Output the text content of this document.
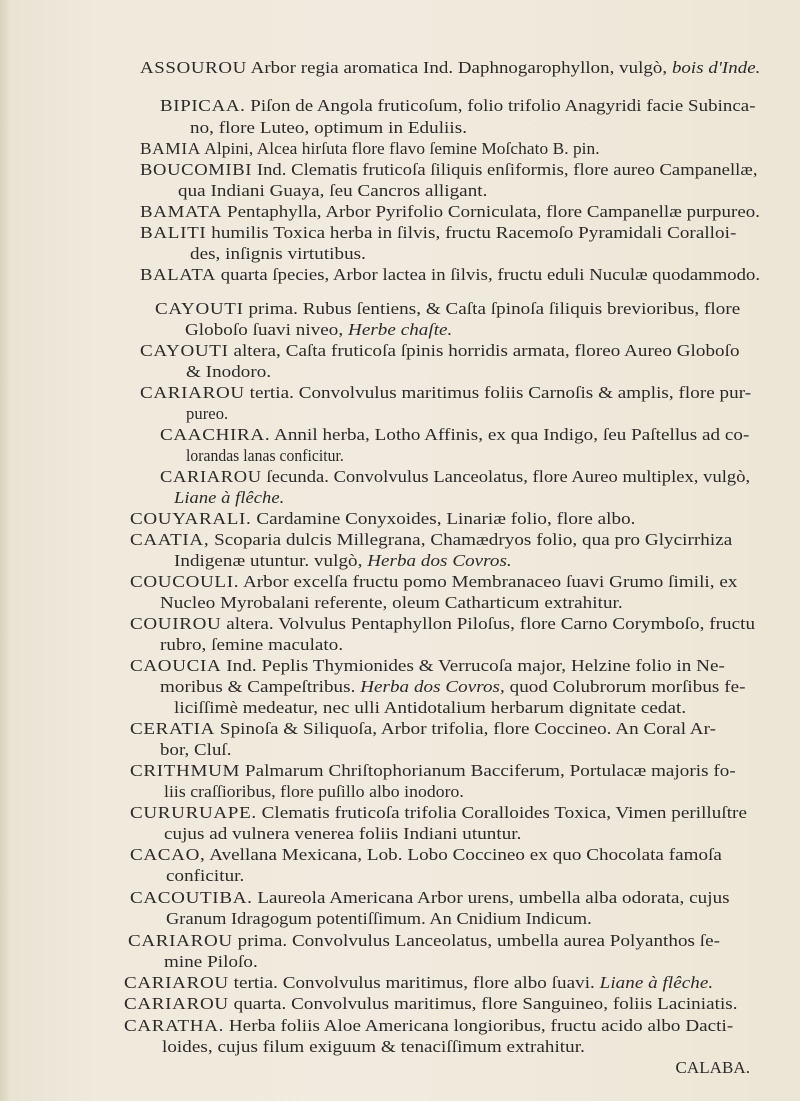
ASSOUROU Arbor regia aromatica Ind. Daphnogarophyllon, vulgò, bois d'Inde.
BIPICAA. Piſon de Angola fruticoſum, folio trifolio Anagyridi facie Subinca-
no, flore Luteo, optimum in Eduliis.
BAMIA Alpini, Alcea hirſuta flore flavo ſemine Moſchato B. pin.
BOUCOMIBI Ind. Clematis fruticoſa ſiliquis enſiformis, flore aureo Campanellæ,
qua Indiani Guaya, ſeu Cancros alligant.
BAMATA Pentaphylla, Arbor Pyrifolio Corniculata, flore Campanellæ purpureo.
BALITI humilis Toxica herba in ſilvis, fructu Racemoſo Pyramidali Coralloi-
des, inſignis virtutibus.
BALATA quarta ſpecies, Arbor lactea in ſilvis, fructu eduli Nuculæ quodammodo.
CAYOUTI prima. Rubus ſentiens, & Caſta ſpinoſa ſiliquis brevioribus, flore
Globoſo ſuavi niveo, Herbe chaſte.
CAYOUTI altera, Caſta fruticoſa ſpinis horridis armata, floreo Aureo Globoſo
& Inodoro.
CARIAROU tertia. Convolvulus maritimus foliis Carnoſis & amplis, flore pur-
pureo.
CAACHIRA. Annil herba, Lotho Affinis, ex qua Indigo, ſeu Paſtellus ad co-
lorandas lanas conficitur.
CARIAROU ſecunda. Convolvulus Lanceolatus, flore Aureo multiplex, vulgò,
Liane à flêche.
COUYARALI. Cardamine Conyxoides, Linariæ folio, flore albo.
CAATIA, Scoparia dulcis Millegrana, Chamædryos folio, qua pro Glycirrhiza
Indigenæ utuntur. vulgò, Herba dos Covros.
COUCOULI. Arbor excelſa fructu pomo Membranaceo ſuavi Grumo ſimili, ex
Nucleo Myrobalani referente, oleum Catharticum extrahitur.
COUIROU altera. Volvulus Pentaphyllon Piloſus, flore Carno Corymboſo, fructu
rubro, ſemine maculato.
CAOUCIA Ind. Peplis Thymionides & Verrucoſa major, Helzine folio in Ne-
moribus & Campeſtribus. Herba dos Covros, quod Colubrorum morſibus fe-
liciſſimè medeatur, nec ulli Antidotalium herbarum dignitate cedat.
CERATIA Spinoſa & Siliquoſa, Arbor trifolia, flore Coccineo. An Coral Ar-
bor, Cluſ.
CRITHMUM Palmarum Chriſtophorianum Bacciferum, Portulacæ majoris fo-
liis craſſioribus, flore puſillo albo inodoro.
CURURUAPE. Clematis fruticoſa trifolia Coralloides Toxica, Vimen perilluſtre
cujus ad vulnera venerea foliis Indiani utuntur.
CACAO, Avellana Mexicana, Lob. Lobo Coccineo ex quo Chocolata famoſa
conficitur.
CACOUTIBA. Laureola Americana Arbor urens, umbella alba odorata, cujus
Granum Idragogum potentiſſimum. An Cnidium Indicum.
CARIAROU prima. Convolvulus Lanceolatus, umbella aurea Polyanthos ſe-
mine Piloſo.
CARIAROU tertia. Convolvulus maritimus, flore albo ſuavi. Liane à flêche.
CARIAROU quarta. Convolvulus maritimus, flore Sanguineo, foliis Laciniatis.
CARATHA. Herba foliis Aloe Americana longioribus, fructu acido albo Dacti-
loides, cujus filum exiguum & tenaciſſimum extrahitur.
CALABA.
